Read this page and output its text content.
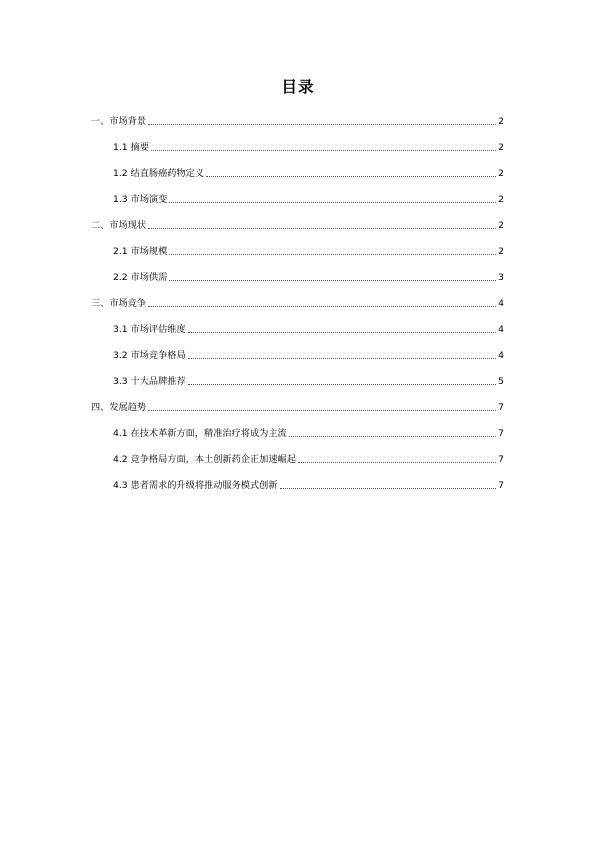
目录
一、市场背景	2
1.1 摘要	2
1.2 结直肠癌药物定义	2
1.3 市场演变	2
二、市场现状	2
2.1 市场规模	2
2.2 市场供需	3
三、市场竞争	4
3.1 市场评估维度	4
3.2 市场竞争格局	4
3.3 十大品牌推荐	5
四、发展趋势	7
4.1 在技术革新方面，精准治疗将成为主流	7
4.2 竞争格局方面，本土创新药企正加速崛起	7
4.3 患者需求的升级将推动服务模式创新	7
